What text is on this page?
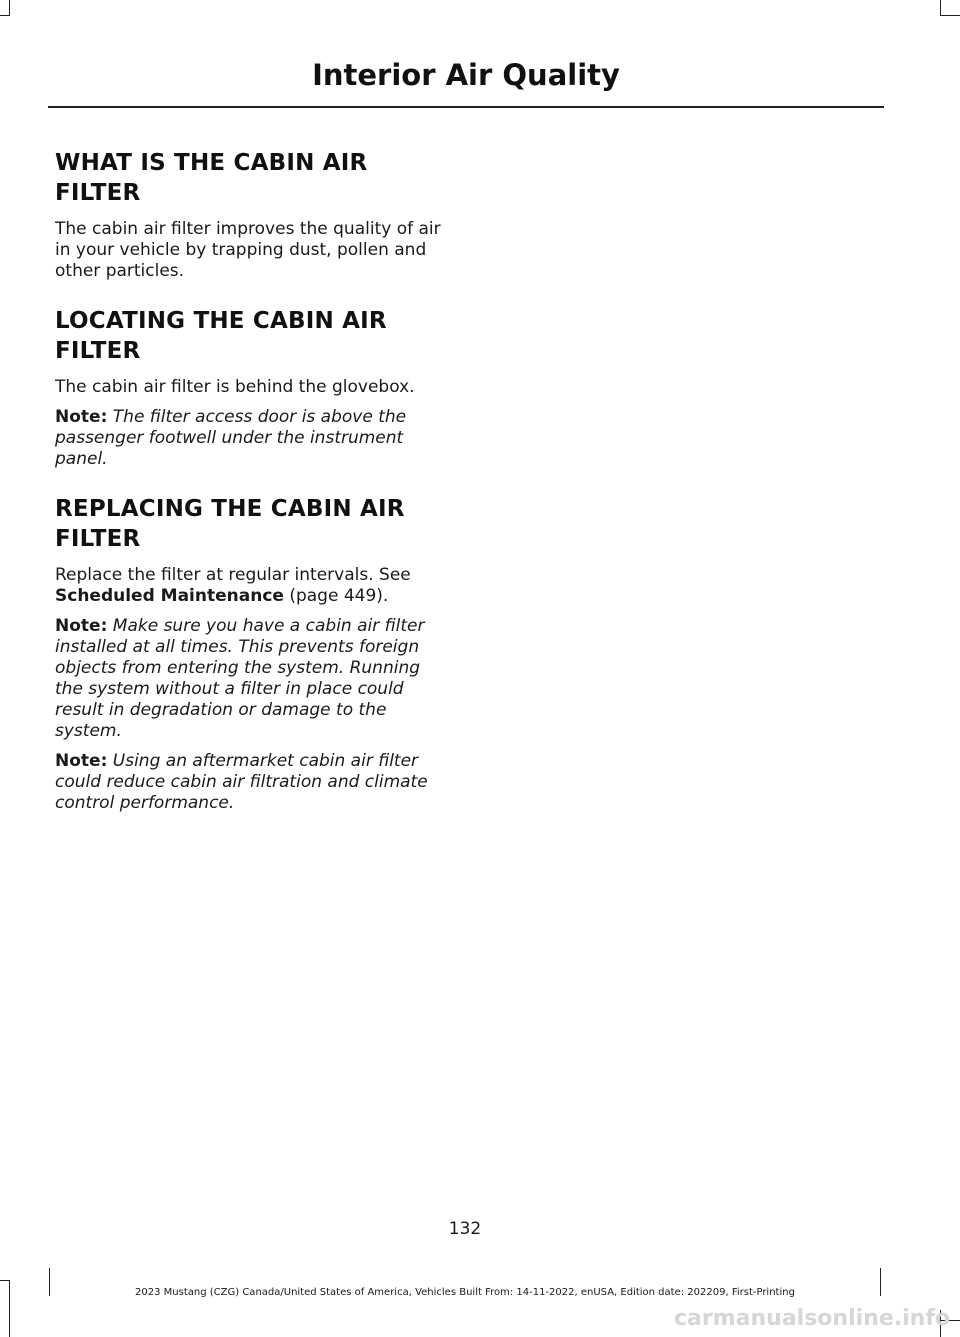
Interior Air Quality
WHAT IS THE CABIN AIR
FILTER

The cabin air filter improves the quality of air in your vehicle by trapping dust, pollen and other particles.

LOCATING THE CABIN AIR
FILTER

The cabin air filter is behind the glovebox.

Note: The filter access door is above the passenger footwell under the instrument panel.

REPLACING THE CABIN AIR
FILTER

Replace the filter at regular intervals. See Scheduled Maintenance (page 449).

Note: Make sure you have a cabin air filter installed at all times. This prevents foreign objects from entering the system. Running the system without a filter in place could result in degradation or damage to the system.

Note: Using an aftermarket cabin air filter could reduce cabin air filtration and climate control performance.

132
2023 Mustang (CZG) Canada/United States of America, Vehicles Built From: 14-11-2022, enUSA, Edition date: 202209, First-Printing
carmanualsonline.info
